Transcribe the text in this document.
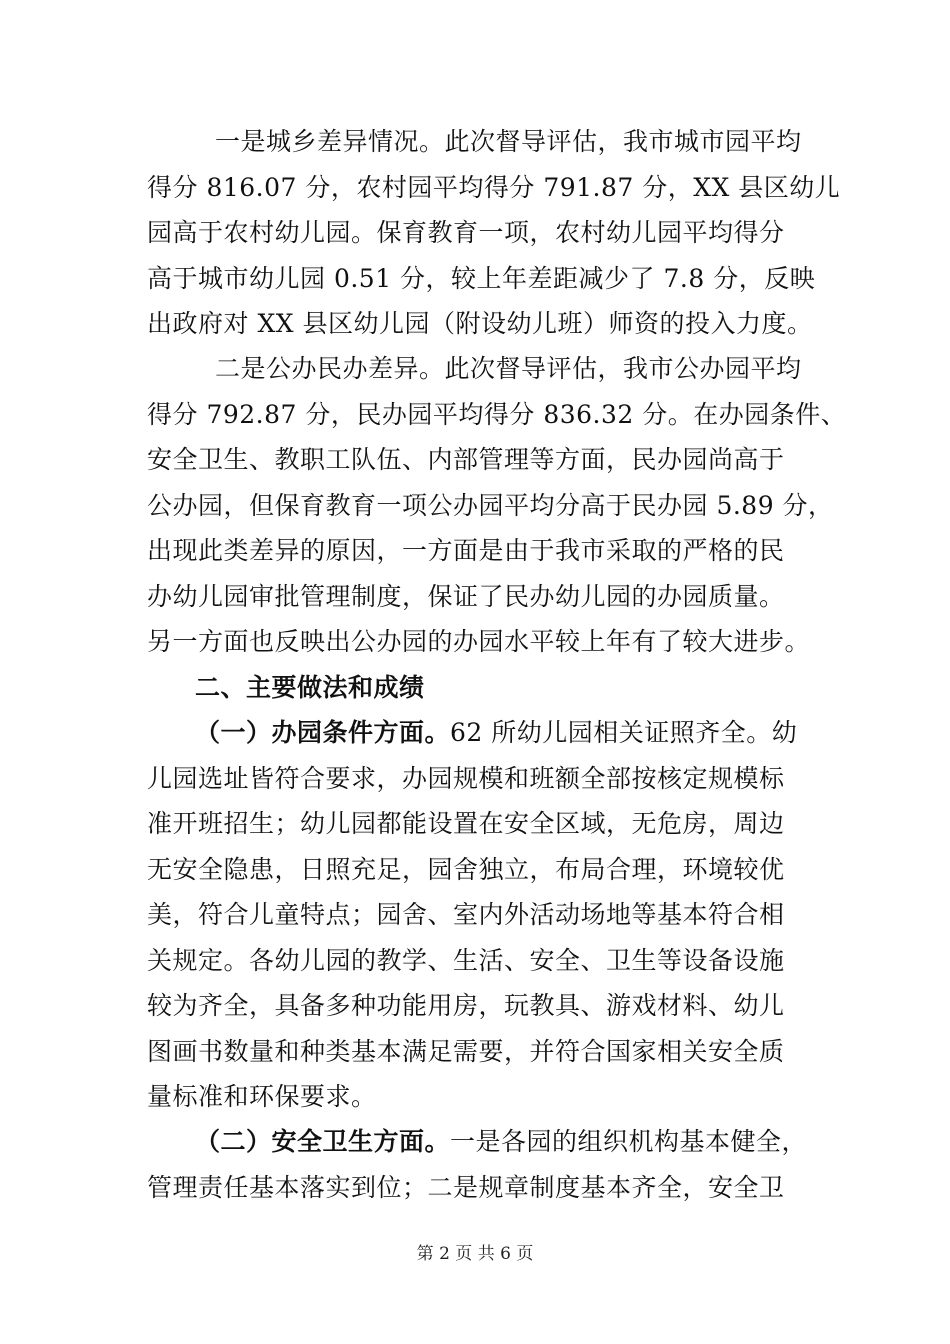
一是城乡差异情况。此次督导评估，我市城市园平均
得分 816.07 分，农村园平均得分 791.87 分，XX 县区幼儿
园高于农村幼儿园。保育教育一项，农村幼儿园平均得分
高于城市幼儿园 0.51 分，较上年差距减少了 7.8 分，反映
出政府对 XX 县区幼儿园（附设幼儿班）师资的投入力度。
二是公办民办差异。此次督导评估，我市公办园平均
得分 792.87 分，民办园平均得分 836.32 分。在办园条件、
安全卫生、教职工队伍、内部管理等方面，民办园尚高于
公办园，但保育教育一项公办园平均分高于民办园 5.89 分，
出现此类差异的原因，一方面是由于我市采取的严格的民
办幼儿园审批管理制度，保证了民办幼儿园的办园质量。
另一方面也反映出公办园的办园水平较上年有了较大进步。
二、主要做法和成绩
（一）办园条件方面。62 所幼儿园相关证照齐全。幼
儿园选址皆符合要求，办园规模和班额全部按核定规模标
准开班招生；幼儿园都能设置在安全区域，无危房，周边
无安全隐患，日照充足，园舍独立，布局合理，环境较优
美，符合儿童特点；园舍、室内外活动场地等基本符合相
关规定。各幼儿园的教学、生活、安全、卫生等设备设施
较为齐全，具备多种功能用房，玩教具、游戏材料、幼儿
图画书数量和种类基本满足需要，并符合国家相关安全质
量标准和环保要求。
（二）安全卫生方面。一是各园的组织机构基本健全，
管理责任基本落实到位；二是规章制度基本齐全，安全卫
第 2 页 共 6 页
